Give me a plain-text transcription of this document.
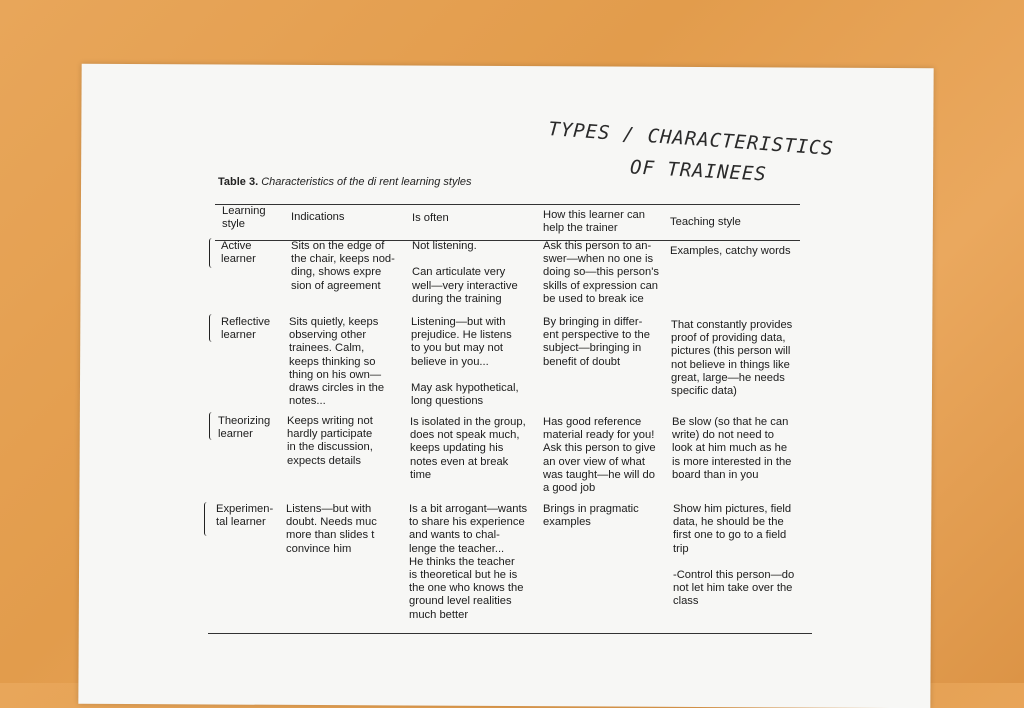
TYPES / CHARACTERISTICS
OF TRAINEES
Table 3. Characteristics of the di rent learning styles
Learning
style
Indications	Is often	How this learner can
help the trainer
Teaching style
Active
learner
Sits on the edge of
the chair, keeps nod-
ding, shows expre
sion of agreement
Not listening.

Can articulate very
well—very interactive
during the training
Ask this person to an-
swer—when no one is
doing so—this person's
skills of expression can
be used to break ice
Examples, catchy words
Reflective
learner
Sits quietly, keeps
observing other
trainees. Calm,
keeps thinking so
thing on his own—
draws circles in the
notes...
Listening—but with
prejudice. He listens
to you but may not
believe in you...

May ask hypothetical,
long questions
By bringing in differ-
ent perspective to the
subject—bringing in
benefit of doubt
That constantly provides
proof of providing data,
pictures (this person will
not believe in things like
great, large—he needs
specific data)
Theorizing
learner
Keeps writing not
hardly participate
in the discussion,
expects details
Is isolated in the group,
does not speak much,
keeps updating his
notes even at break
time
Has good reference
material ready for you!
Ask this person to give
an over view of what
was taught—he will do
a good job
Be slow (so that he can
write) do not need to
look at him much as he
is more interested in the
board than in you
Experimen-
tal learner
Listens—but with
doubt. Needs muc
more than slides t
convince him
Is a bit arrogant—wants
to share his experience
and wants to chal-
lenge the teacher...
He thinks the teacher
is theoretical but he is
the one who knows the
ground level realities
much better
Brings in pragmatic
examples
Show him pictures, field
data, he should be the
first one to go to a field
trip

-Control this person—do
not let him take over the
class
